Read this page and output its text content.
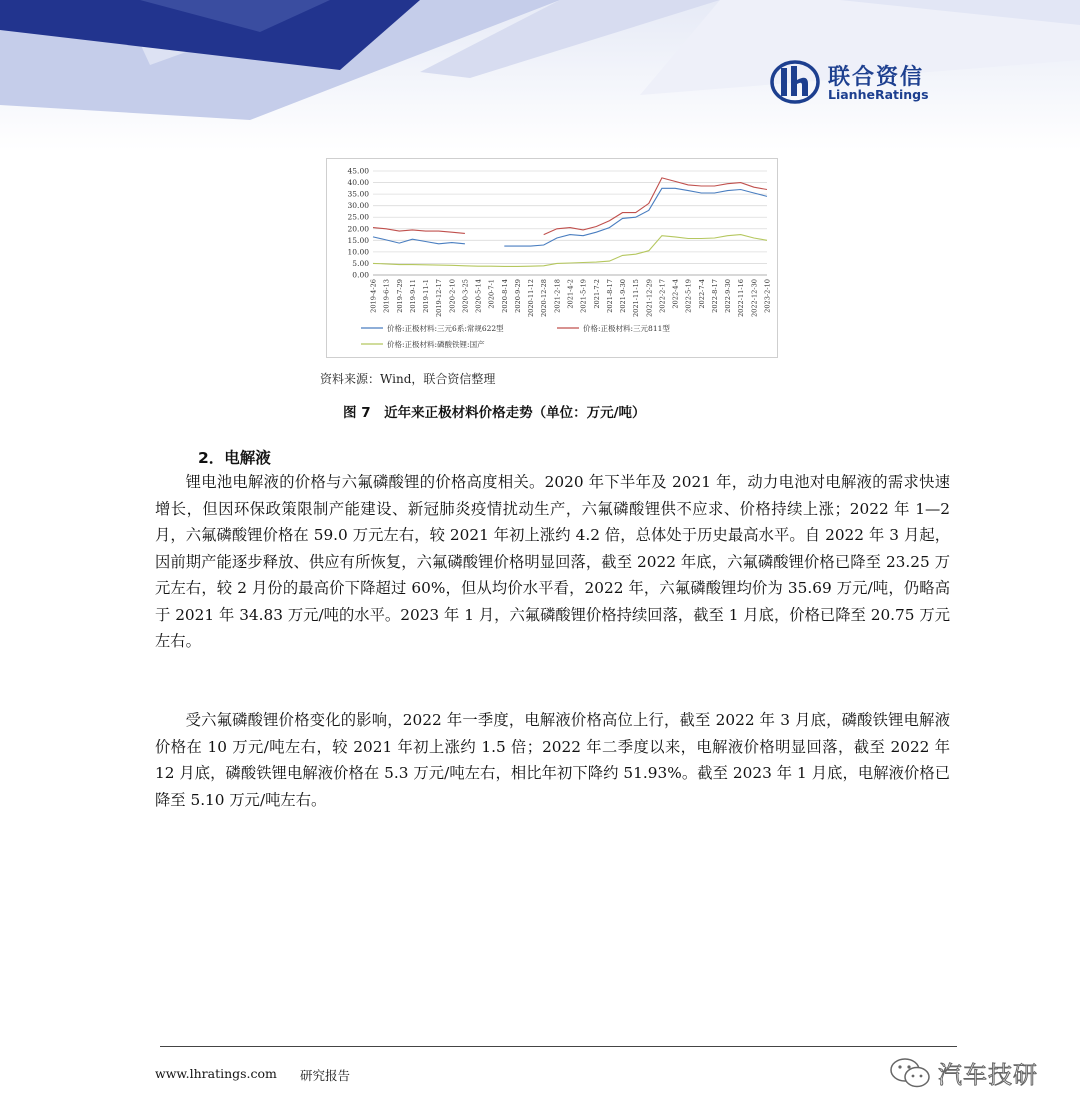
联合资信
LianheRatings
0.00
5.00
10.00
15.00
20.00
25.00
30.00
35.00
40.00
45.00
2019-4-26 2019-6-13 2019-7-29 2019-9-11 2019-11-1 2019-12-17 2020-2-10 2020-3-25 2020-5-14 2020-7-1 2020-8-14 2020-9-29 2020-11-12 2020-12-28 2021-2-18 2021-4-2 2021-5-19 2021-7-2 2021-8-17 2021-9-30 2021-11-15 2021-12-29 2022-2-17 2022-4-4 2022-5-19 2022-7-4 2022-8-17 2022-9-30 2022-11-16 2022-12-30 2023-2-10
价格:正极材料:三元6系:常规622型	价格:正极材料:三元811型
价格:正极材料:磷酸铁锂:国产
资料来源：Wind，联合资信整理
图 7　近年来正极材料价格走势（单位：万元/吨）
2．电解液

锂电池电解液的价格与六氟磷酸锂的价格高度相关。2020 年下半年及 2021 年，动力电池对电解液的需求快速增长，但因环保政策限制产能建设、新冠肺炎疫情扰动生产，六氟磷酸锂供不应求、价格持续上涨；2022 年 1—2 月，六氟磷酸锂价格在 59.0 万元左右，较 2021 年初上涨约 4.2 倍，总体处于历史最高水平。自 2022 年 3 月起，因前期产能逐步释放、供应有所恢复，六氟磷酸锂价格明显回落，截至 2022 年底，六氟磷酸锂价格已降至 23.25 万元左右，较 2 月份的最高价下降超过 60%，但从均价水平看，2022 年，六氟磷酸锂均价为 35.69 万元/吨，仍略高于 2021 年 34.83 万元/吨的水平。2023 年 1 月，六氟磷酸锂价格持续回落，截至 1 月底，价格已降至 20.75 万元左右。

受六氟磷酸锂价格变化的影响，2022 年一季度，电解液价格高位上行，截至 2022 年 3 月底，磷酸铁锂电解液价格在 10 万元/吨左右，较 2021 年初上涨约 1.5 倍；2022 年二季度以来，电解液价格明显回落，截至 2022 年 12 月底，磷酸铁锂电解液价格在 5.3 万元/吨左右，相比年初下降约 51.93%。截至 2023 年 1 月底，电解液价格已降至 5.10 万元/吨左右。

www.lhratings.com 研究报告	汽车技研
